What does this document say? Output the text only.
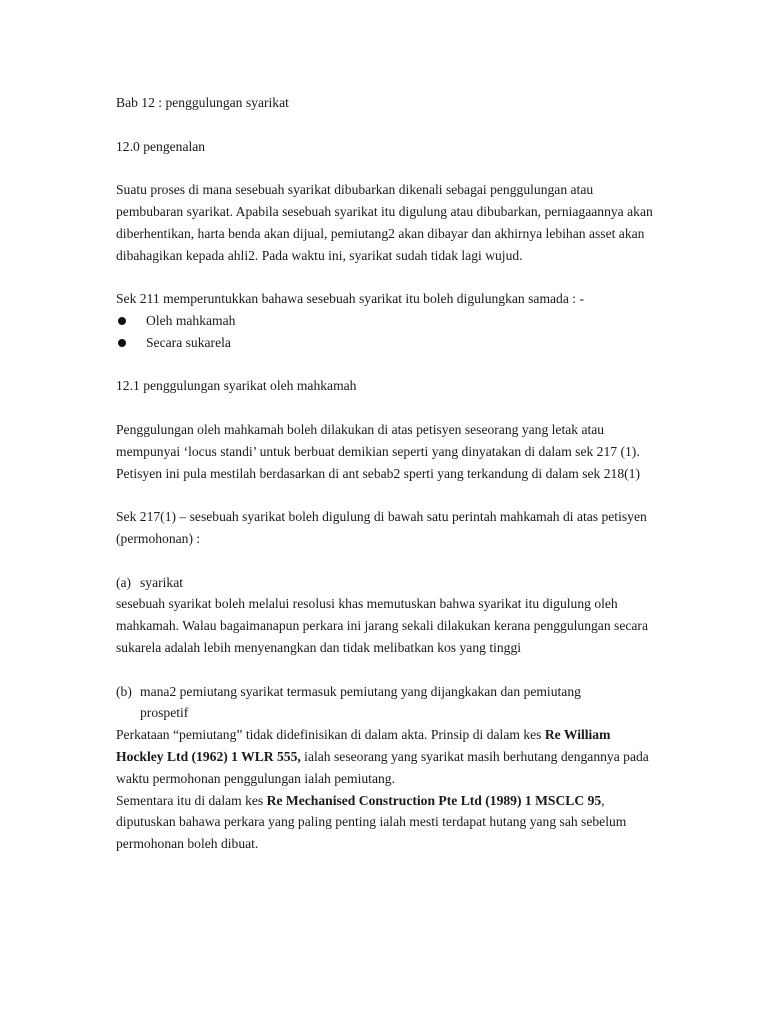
Bab 12 : penggulungan syarikat

12.0 pengenalan

Suatu proses di mana sesebuah syarikat dibubarkan dikenali sebagai penggulungan atau pembubaran syarikat. Apabila sesebuah syarikat itu digulung atau dibubarkan, perniagaannya akan diberhentikan, harta benda akan dijual, pemiutang2 akan dibayar dan akhirnya lebihan asset akan dibahagikan kepada ahli2. Pada waktu ini, syarikat sudah tidak lagi wujud.

Sek 211 memperuntukkan bahawa sesebuah syarikat itu boleh digulungkan samada : -

Oleh mahkamah
Secara sukarela

12.1 penggulungan syarikat oleh mahkamah

Penggulungan oleh mahkamah boleh dilakukan di atas petisyen seseorang yang letak atau mempunyai ‘locus standi’ untuk berbuat demikian seperti yang dinyatakan di dalam sek 217 (1). Petisyen ini pula mestilah berdasarkan di ant sebab2 sperti yang terkandung di dalam sek 218(1)

Sek 217(1) – sesebuah syarikat boleh digulung di bawah satu perintah mahkamah di atas petisyen (permohonan) :

(a) syarikat

sesebuah syarikat boleh melalui resolusi khas memutuskan bahwa syarikat itu digulung oleh mahkamah. Walau bagaimanapun perkara ini jarang sekali dilakukan kerana penggulungan secara sukarela adalah lebih menyenangkan dan tidak melibatkan kos yang tinggi

(b) mana2 pemiutang syarikat termasuk pemiutang yang dijangkakan dan pemiutang

prospetif

Perkataan “pemiutang” tidak didefinisikan di dalam akta. Prinsip di dalam kes Re William Hockley Ltd (1962) 1 WLR 555, ialah seseorang yang syarikat masih berhutang dengannya pada waktu permohonan penggulungan ialah pemiutang.

Sementara itu di dalam kes Re Mechanised Construction Pte Ltd (1989) 1 MSCLC 95, diputuskan bahawa perkara yang paling penting ialah mesti terdapat hutang yang sah sebelum permohonan boleh dibuat.
